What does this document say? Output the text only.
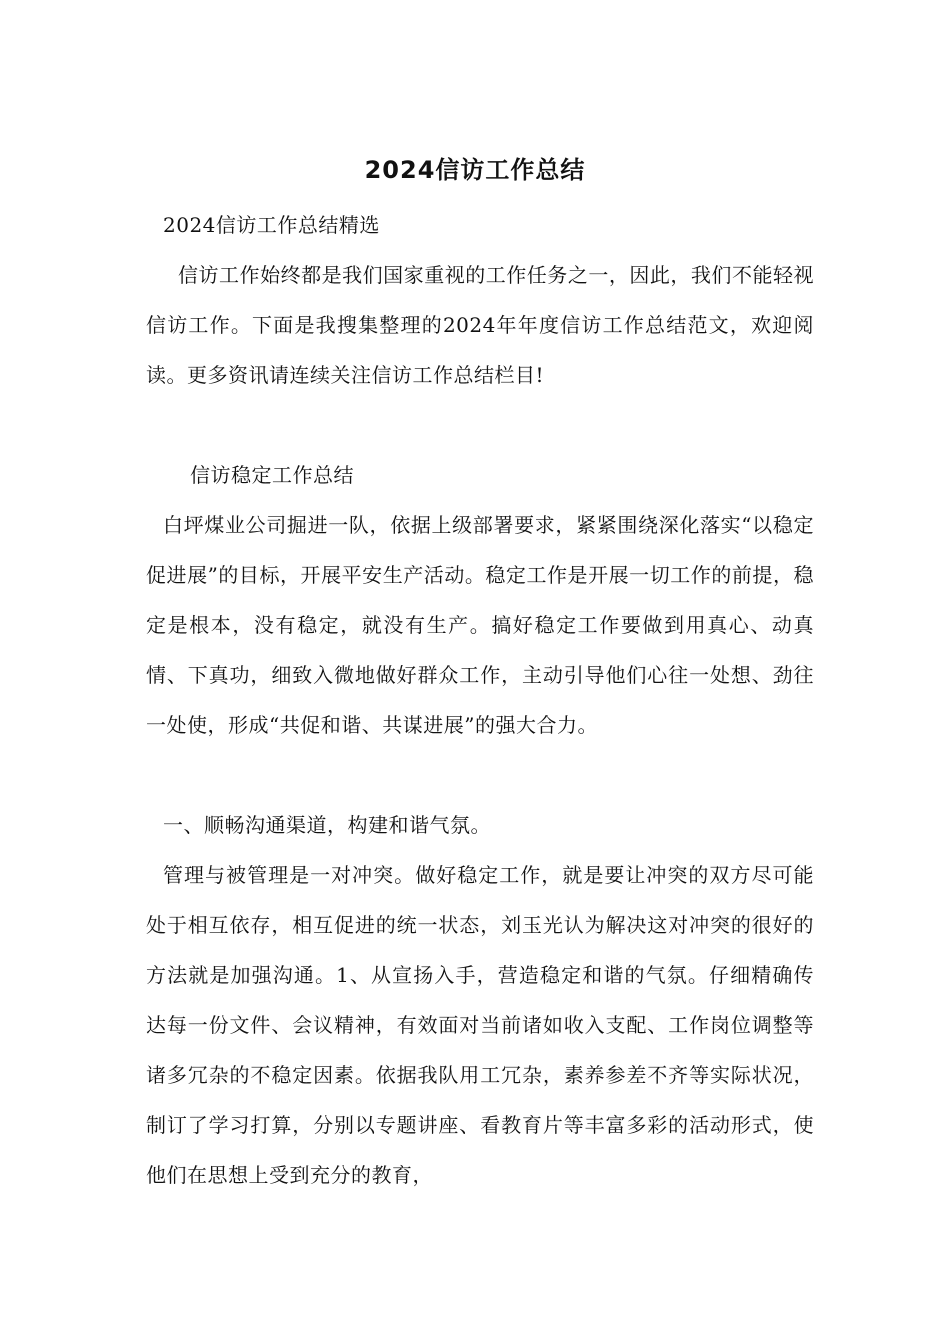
2024信访工作总结
2024信访工作总结精选
信访工作始终都是我们国家重视的工作任务之一，因此，我们不能轻视信访工作。下面是我搜集整理的2024年年度信访工作总结范文，欢迎阅读。更多资讯请连续关注信访工作总结栏目!
信访稳定工作总结
白坪煤业公司掘进一队，依据上级部署要求，紧紧围绕深化落实“以稳定促进展”的目标，开展平安生产活动。稳定工作是开展一切工作的前提，稳定是根本，没有稳定，就没有生产。搞好稳定工作要做到用真心、动真情、下真功，细致入微地做好群众工作，主动引导他们心往一处想、劲往一处使，形成“共促和谐、共谋进展”的强大合力。
一、顺畅沟通渠道，构建和谐气氛。
管理与被管理是一对冲突。做好稳定工作，就是要让冲突的双方尽可能处于相互依存，相互促进的统一状态，刘玉光认为解决这对冲突的很好的方法就是加强沟通。1、从宣扬入手，营造稳定和谐的气氛。仔细精确传达每一份文件、会议精神，有效面对当前诸如收入支配、工作岗位调整等诸多冗杂的不稳定因素。依据我队用工冗杂，素养参差不齐等实际状况，制订了学习打算，分别以专题讲座、看教育片等丰富多彩的活动形式，使他们在思想上受到充分的教育，
